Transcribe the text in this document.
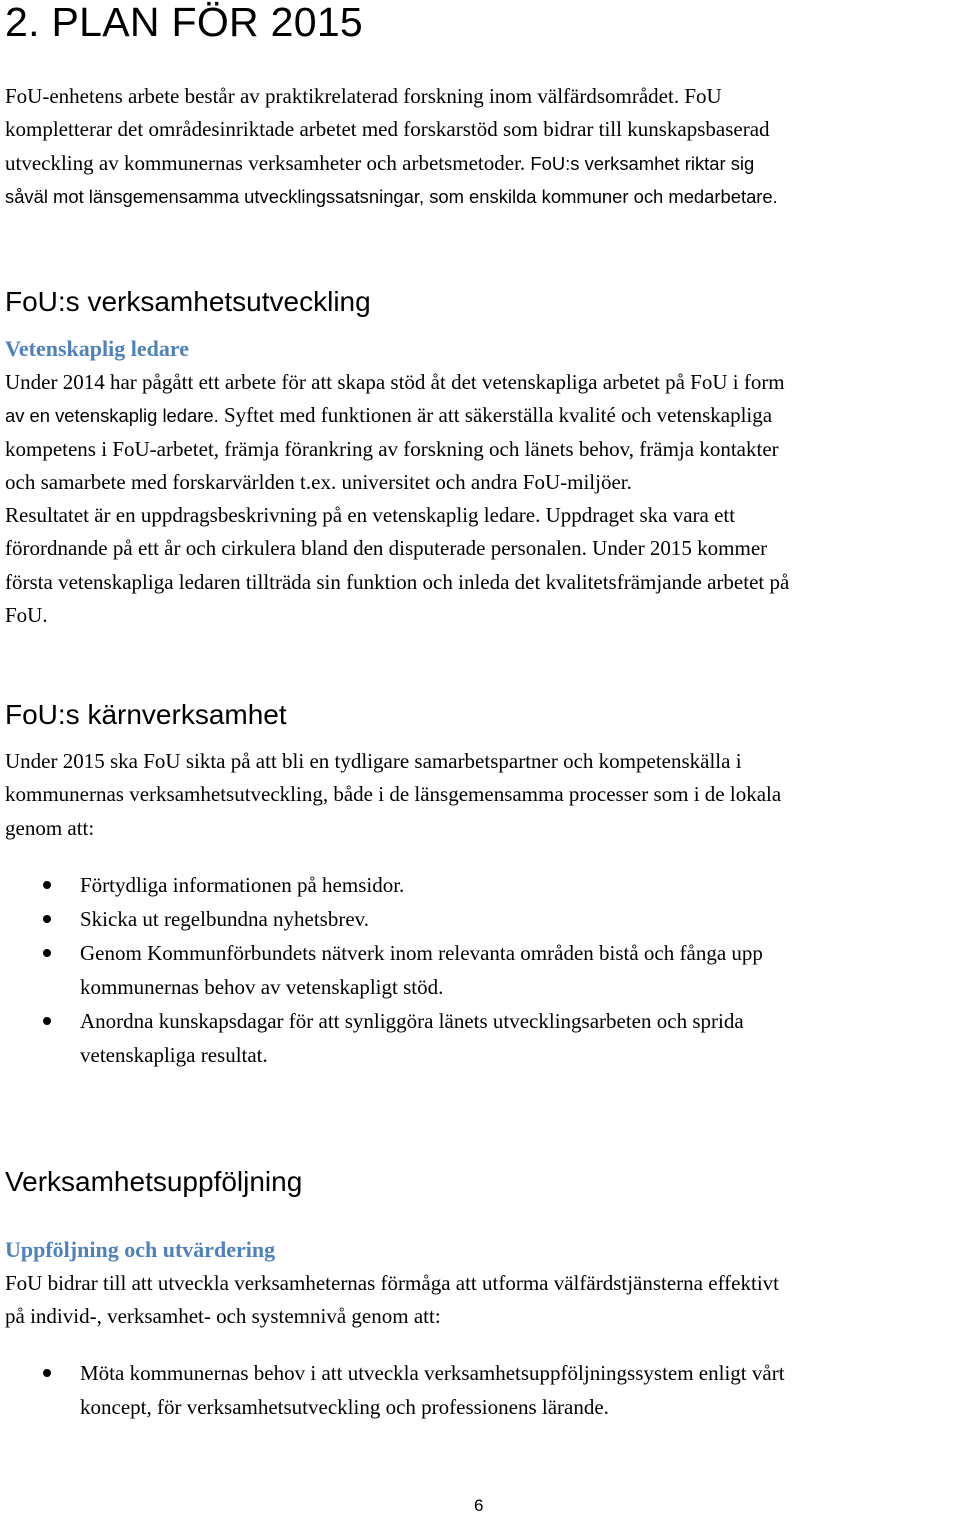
2. PLAN FÖR 2015
FoU-enhetens arbete består av praktikrelaterad forskning inom välfärdsområdet. FoU
kompletterar det områdesinriktade arbetet med forskarstöd som bidrar till kunskapsbaserad
utveckling av kommunernas verksamheter och arbetsmetoder. FoU:s verksamhet riktar sig
såväl mot länsgemensamma utvecklingssatsningar, som enskilda kommuner och medarbetare.
FoU:s verksamhetsutveckling
Vetenskaplig ledare
Under 2014 har pågått ett arbete för att skapa stöd åt det vetenskapliga arbetet på FoU i form
av en vetenskaplig ledare. Syftet med funktionen är att säkerställa kvalité och vetenskapliga
kompetens i FoU-arbetet, främja förankring av forskning och länets behov, främja kontakter
och samarbete med forskarvärlden t.ex. universitet och andra FoU-miljöer.
Resultatet är en uppdragsbeskrivning på en vetenskaplig ledare. Uppdraget ska vara ett
förordnande på ett år och cirkulera bland den disputerade personalen. Under 2015 kommer
första vetenskapliga ledaren tillträda sin funktion och inleda det kvalitetsfrämjande arbetet på
FoU.
FoU:s kärnverksamhet
Under 2015 ska FoU sikta på att bli en tydligare samarbetspartner och kompetenskälla i
kommunernas verksamhetsutveckling, både i de länsgemensamma processer som i de lokala
genom att:
Förtydliga informationen på hemsidor.
Skicka ut regelbundna nyhetsbrev.
Genom Kommunförbundets nätverk inom relevanta områden bistå och fånga upp
kommunernas behov av vetenskapligt stöd.
Anordna kunskapsdagar för att synliggöra länets utvecklingsarbeten och sprida
vetenskapliga resultat.
Verksamhetsuppföljning
Uppföljning och utvärdering
FoU bidrar till att utveckla verksamheternas förmåga att utforma välfärdstjänsterna effektivt
på individ-, verksamhet- och systemnivå genom att:
Möta kommunernas behov i att utveckla verksamhetsuppföljningssystem enligt vårt
koncept, för verksamhetsutveckling och professionens lärande.

6
